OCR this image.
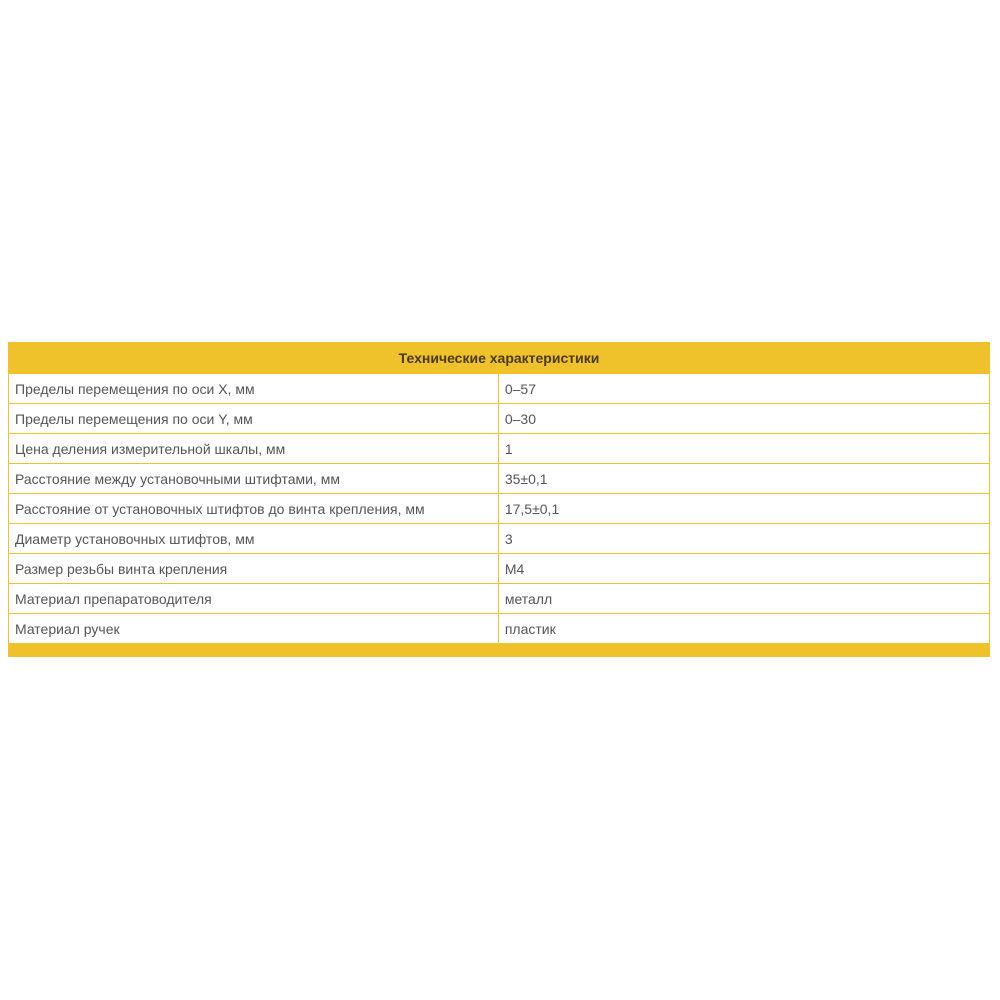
Технические характеристики	
Пределы перемещения по оси X, мм	0–57
Пределы перемещения по оси Y, мм	0–30
Цена деления измерительной шкалы, мм	1
Расстояние между установочными штифтами, мм	35±0,1
Расстояние от установочных штифтов до винта крепления, мм	17,5±0,1
Диаметр установочных штифтов, мм	3
Размер резьбы винта крепления	М4
Материал препаратоводителя	металл
Материал ручек	пластик
